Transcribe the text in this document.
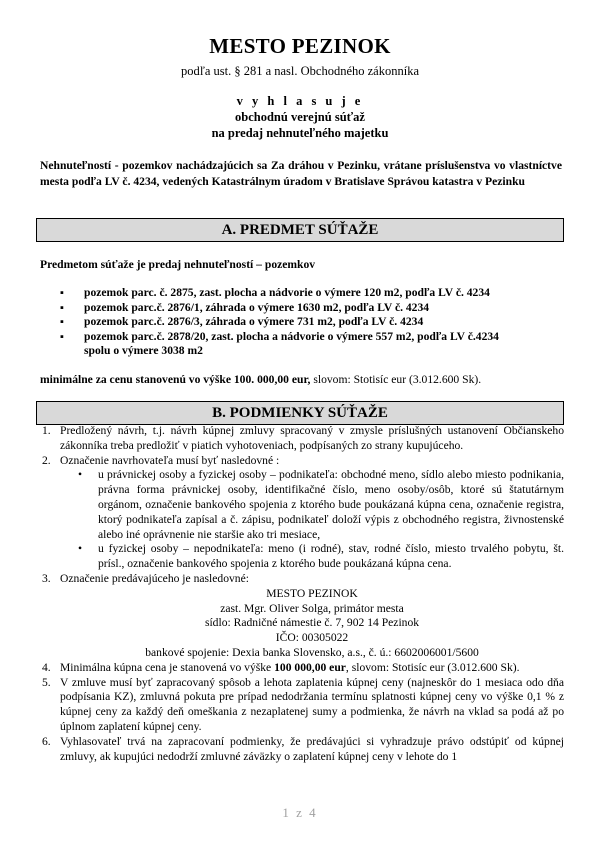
MESTO PEZINOK
podľa ust. § 281 a nasl. Obchodného zákonníka
v y h l a s u j e
obchodnú verejnú súťaž
na predaj nehnuteľného majetku
Nehnuteľností - pozemkov nachádzajúcich sa Za dráhou v Pezinku, vrátane príslušenstva vo vlastníctve mesta podľa LV č. 4234, vedených Katastrálnym úradom v Bratislave Správou katastra v Pezinku
A. PREDMET SÚŤAŽE
Predmetom súťaže je predaj nehnuteľností – pozemkov
▪ pozemok parc. č. 2875, zast. plocha a nádvorie o výmere 120 m2, podľa LV č. 4234
▪ pozemok parc.č. 2876/1, záhrada o výmere 1630 m2, podľa LV č. 4234
▪ pozemok parc.č. 2876/3, záhrada o výmere 731 m2, podľa LV č. 4234
▪ pozemok parc.č. 2878/20, zast. plocha a nádvorie o výmere 557 m2, podľa LV č.4234
spolu o výmere 3038 m2
minimálne za cenu stanovenú vo výške 100. 000,00 eur, slovom: Stotisíc eur (3.012.600 Sk).
B. PODMIENKY SÚŤAŽE
1. Predložený návrh, t.j. návrh kúpnej zmluvy spracovaný v zmysle príslušných ustanovení Občianskeho zákonníka treba predložiť v piatich vyhotoveniach, podpísaných zo strany kupujúceho.
2. Označenie navrhovateľa musí byť nasledovné :
• u právnickej osoby a fyzickej osoby – podnikateľa: obchodné meno, sídlo alebo miesto podnikania, právna forma právnickej osoby, identifikačné číslo, meno osoby/osôb, ktoré sú štatutárnym orgánom, označenie bankového spojenia z ktorého bude poukázaná kúpna cena, označenie registra, ktorý podnikateľa zapísal a č. zápisu, podnikateľ doloží výpis z obchodného registra, živnostenské alebo iné oprávnenie nie staršie ako tri mesiace,
• u fyzickej osoby – nepodnikateľa: meno (i rodné), stav, rodné číslo, miesto trvalého pobytu, št. prísl., označenie bankového spojenia z ktorého bude poukázaná kúpna cena.
3. Označenie predávajúceho je nasledovné:
MESTO PEZINOK
zast. Mgr. Oliver Solga, primátor mesta
sídlo: Radničné námestie č. 7, 902 14 Pezinok
IČO: 00305022
bankové spojenie: Dexia banka Slovensko, a.s., č. ú.: 6602006001/5600
4. Minimálna kúpna cena je stanovená vo výške 100 000,00 eur, slovom: Stotisíc eur (3.012.600 Sk).
5. V zmluve musí byť zapracovaný spôsob a lehota zaplatenia kúpnej ceny (najneskôr do 1 mesiaca odo dňa podpísania KZ), zmluvná pokuta pre prípad nedodržania termínu splatnosti kúpnej ceny vo výške 0,1 % z kúpnej ceny za každý deň omeškania z nezaplatenej sumy a podmienka, že návrh na vklad sa podá až po úplnom zaplatení kúpnej ceny.
6. Vyhlasovateľ trvá na zapracovaní podmienky, že predávajúci si vyhradzuje právo odstúpiť od kúpnej zmluvy, ak kupujúci nedodrží zmluvné záväzky o zaplatení kúpnej ceny v lehote do 1
1 z 4
